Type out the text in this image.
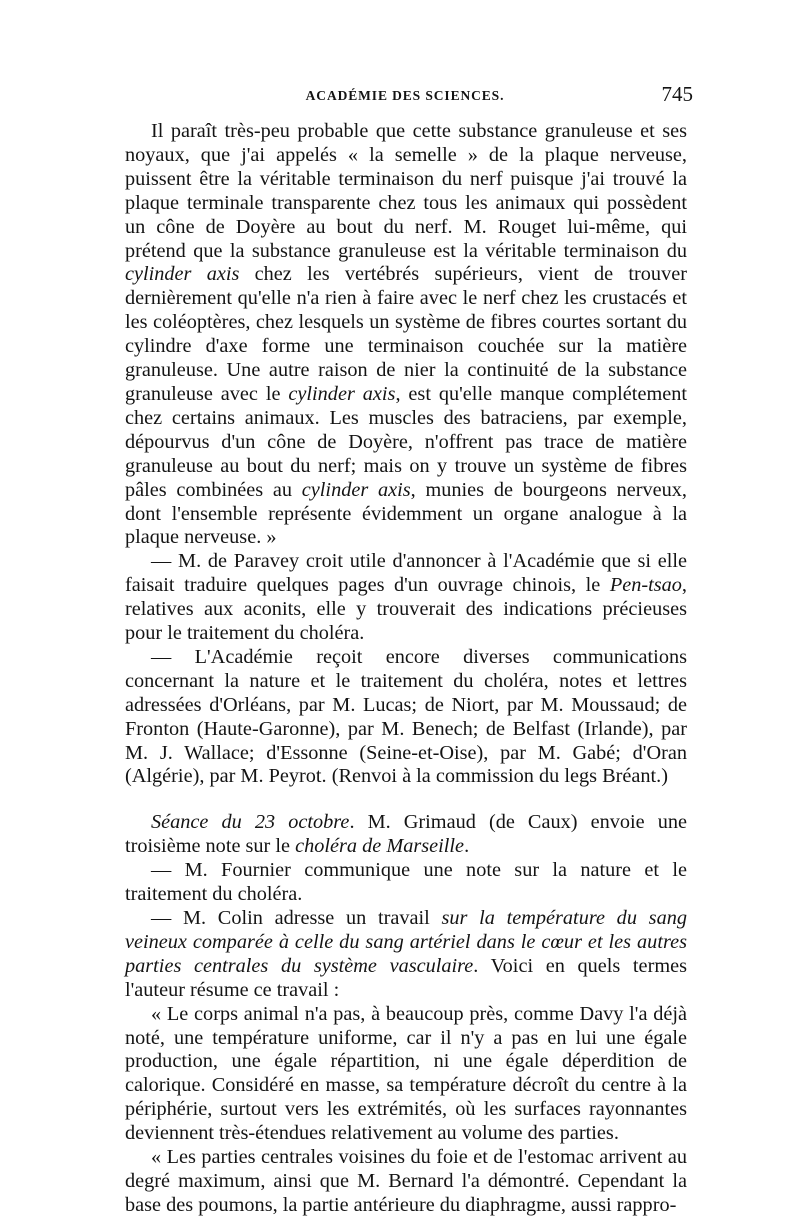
ACADÉMIE DES SCIENCES.	745

Il paraît très-peu probable que cette substance granuleuse et ses noyaux, que j'ai appelés « la semelle » de la plaque nerveuse, puissent être la véritable terminaison du nerf puisque j'ai trouvé la plaque terminale transparente chez tous les animaux qui possèdent un cône de Doyère au bout du nerf. M. Rouget lui-même, qui prétend que la substance granuleuse est la véritable terminaison du cylinder axis chez les vertébrés supérieurs, vient de trouver dernièrement qu'elle n'a rien à faire avec le nerf chez les crustacés et les coléoptères, chez lesquels un système de fibres courtes sortant du cylindre d'axe forme une terminaison couchée sur la matière granuleuse. Une autre raison de nier la continuité de la substance granuleuse avec le cylinder axis, est qu'elle manque complétement chez certains animaux. Les muscles des batraciens, par exemple, dépourvus d'un cône de Doyère, n'offrent pas trace de matière granuleuse au bout du nerf; mais on y trouve un système de fibres pâles combinées au cylinder axis, munies de bourgeons nerveux, dont l'ensemble représente évidemment un organe analogue à la plaque nerveuse. »

— M. de Paravey croit utile d'annoncer à l'Académie que si elle faisait traduire quelques pages d'un ouvrage chinois, le Pen-tsao, relatives aux aconits, elle y trouverait des indications précieuses pour le traitement du choléra.

— L'Académie reçoit encore diverses communications concernant la nature et le traitement du choléra, notes et lettres adressées d'Orléans, par M. Lucas; de Niort, par M. Moussaud; de Fronton (Haute-Garonne), par M. Benech; de Belfast (Irlande), par M. J. Wallace; d'Essonne (Seine-et-Oise), par M. Gabé; d'Oran (Algérie), par M. Peyrot. (Renvoi à la commission du legs Bréant.)

Séance du 23 octobre. M. Grimaud (de Caux) envoie une troisième note sur le choléra de Marseille.

— M. Fournier communique une note sur la nature et le traitement du choléra.

— M. Colin adresse un travail sur la température du sang veineux comparée à celle du sang artériel dans le cœur et les autres parties centrales du système vasculaire. Voici en quels termes l'auteur résume ce travail :

« Le corps animal n'a pas, à beaucoup près, comme Davy l'a déjà noté, une température uniforme, car il n'y a pas en lui une égale production, une égale répartition, ni une égale déperdition de calorique. Considéré en masse, sa température décroît du centre à la périphérie, surtout vers les extrémités, où les surfaces rayonnantes deviennent très-étendues relativement au volume des parties.

« Les parties centrales voisines du foie et de l'estomac arrivent au degré maximum, ainsi que M. Bernard l'a démontré. Cependant la base des poumons, la partie antérieure du diaphragme, aussi rappro-
